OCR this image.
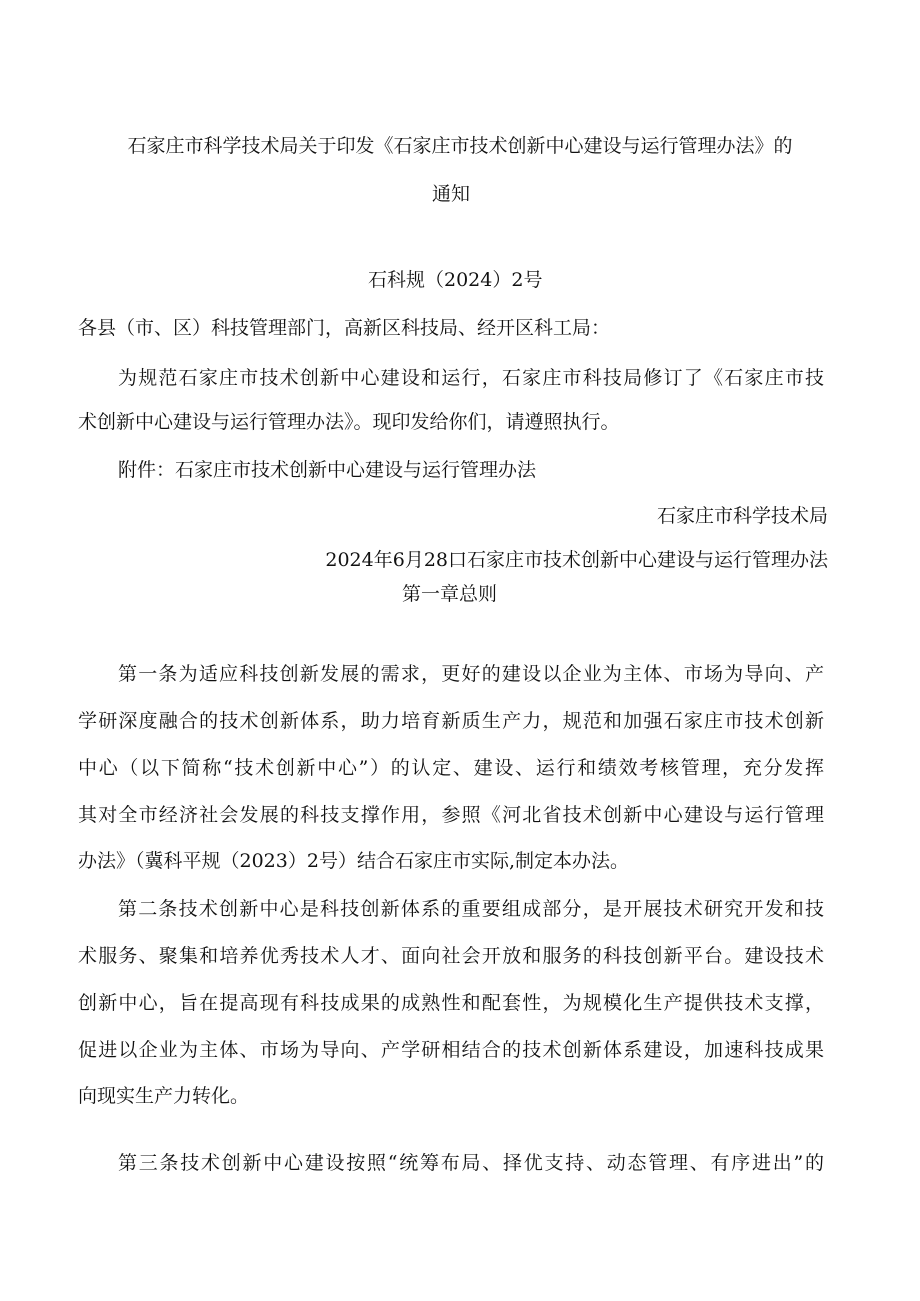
石家庄市科学技术局关于印发《石家庄市技术创新中心建设与运行管理办法》的
通知
石科规（2024）2号
各县（市、区）科技管理部门，高新区科技局、经开区科工局：
为规范石家庄市技术创新中心建设和运行，石家庄市科技局修订了《石家庄市技
术创新中心建设与运行管理办法》。现印发给你们，请遵照执行。
附件：石家庄市技术创新中心建设与运行管理办法
石家庄市科学技术局
2024年6月28口石家庄市技术创新中心建设与运行管理办法
第一章总则
第一条为适应科技创新发展的需求，更好的建设以企业为主体、市场为导向、产
学研深度融合的技术创新体系，助力培育新质生产力，规范和加强石家庄市技术创新
中心（以下简称“技术创新中心”）的认定、建设、运行和绩效考核管理，充分发挥
其对全市经济社会发展的科技支撑作用，参照《河北省技术创新中心建设与运行管理
办法》（冀科平规（2023）2号）结合石家庄市实际,制定本办法。
第二条技术创新中心是科技创新体系的重要组成部分，是开展技术研究开发和技
术服务、聚集和培养优秀技术人才、面向社会开放和服务的科技创新平台。建设技术
创新中心，旨在提高现有科技成果的成熟性和配套性，为规模化生产提供技术支撑，
促进以企业为主体、市场为导向、产学研相结合的技术创新体系建设，加速科技成果
向现实生产力转化。
第三条技术创新中心建设按照“统筹布局、择优支持、动态管理、有序进出”的
